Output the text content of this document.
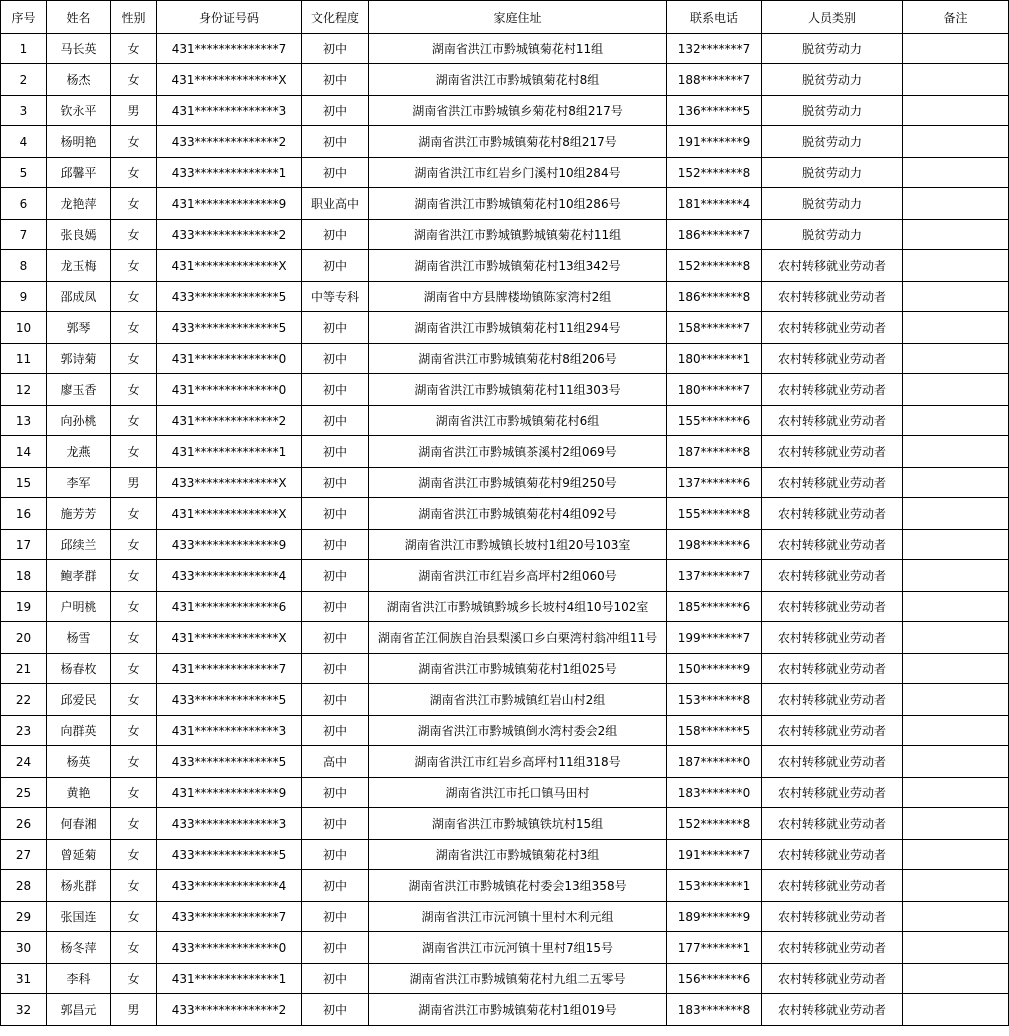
序号	姓名	性别	身份证号码	文化程度	家庭住址	联系电话	人员类别	备注
1	马长英	女	431**************7	初中	湖南省洪江市黔城镇菊花村11组	132*******7	脱贫劳动力	
2	杨杰	女	431**************X	初中	湖南省洪江市黔城镇菊花村8组	188*******7	脱贫劳动力	
3	钦永平	男	431**************3	初中	湖南省洪江市黔城镇乡菊花村8组217号	136*******5	脱贫劳动力	
4	杨明艳	女	433**************2	初中	湖南省洪江市黔城镇菊花村8组217号	191*******9	脱贫劳动力	
5	邱馨平	女	433**************1	初中	湖南省洪江市红岩乡门溪村10组284号	152*******8	脱贫劳动力	
6	龙艳萍	女	431**************9	职业高中	湖南省洪江市黔城镇菊花村10组286号	181*******4	脱贫劳动力	
7	张良嫣	女	433**************2	初中	湖南省洪江市黔城镇黔城镇菊花村11组	186*******7	脱贫劳动力	
8	龙玉梅	女	431**************X	初中	湖南省洪江市黔城镇菊花村13组342号	152*******8	农村转移就业劳动者	
9	邵成凤	女	433**************5	中等专科	湖南省中方县牌楼坳镇陈家湾村2组	186*******8	农村转移就业劳动者	
10	郭琴	女	433**************5	初中	湖南省洪江市黔城镇菊花村11组294号	158*******7	农村转移就业劳动者	
11	郭诗菊	女	431**************0	初中	湖南省洪江市黔城镇菊花村8组206号	180*******1	农村转移就业劳动者	
12	廖玉香	女	431**************0	初中	湖南省洪江市黔城镇菊花村11组303号	180*******7	农村转移就业劳动者	
13	向孙桃	女	431**************2	初中	湖南省洪江市黔城镇菊花村6组	155*******6	农村转移就业劳动者	
14	龙燕	女	431**************1	初中	湖南省洪江市黔城镇茶溪村2组069号	187*******8	农村转移就业劳动者	
15	李军	男	433**************X	初中	湖南省洪江市黔城镇菊花村9组250号	137*******6	农村转移就业劳动者	
16	施芳芳	女	431**************X	初中	湖南省洪江市黔城镇菊花村4组092号	155*******8	农村转移就业劳动者	
17	邱续兰	女	433**************9	初中	湖南省洪江市黔城镇长坡村1组20号103室	198*******6	农村转移就业劳动者	
18	鲍孝群	女	433**************4	初中	湖南省洪江市红岩乡高坪村2组060号	137*******7	农村转移就业劳动者	
19	户明桃	女	431**************6	初中	湖南省洪江市黔城镇黔城乡长坡村4组10号102室	185*******6	农村转移就业劳动者	
20	杨雪	女	431**************X	初中	湖南省芷江侗族自治县梨溪口乡白栗湾村翁冲组11号	199*******7	农村转移就业劳动者	
21	杨春枚	女	431**************7	初中	湖南省洪江市黔城镇菊花村1组025号	150*******9	农村转移就业劳动者	
22	邱爱民	女	433**************5	初中	湖南省洪江市黔城镇红岩山村2组	153*******8	农村转移就业劳动者	
23	向群英	女	431**************3	初中	湖南省洪江市黔城镇倒水湾村委会2组	158*******5	农村转移就业劳动者	
24	杨英	女	433**************5	高中	湖南省洪江市红岩乡高坪村11组318号	187*******0	农村转移就业劳动者	
25	黄艳	女	431**************9	初中	湖南省洪江市托口镇马田村	183*******0	农村转移就业劳动者	
26	何春湘	女	433**************3	初中	湖南省洪江市黔城镇铁坑村15组	152*******8	农村转移就业劳动者	
27	曾延菊	女	433**************5	初中	湖南省洪江市黔城镇菊花村3组	191*******7	农村转移就业劳动者	
28	杨兆群	女	433**************4	初中	湖南省洪江市黔城镇花村委会13组358号	153*******1	农村转移就业劳动者	
29	张国连	女	433**************7	初中	湖南省洪江市沅河镇十里村木利元组	189*******9	农村转移就业劳动者	
30	杨冬萍	女	433**************0	初中	湖南省洪江市沅河镇十里村7组15号	177*******1	农村转移就业劳动者	
31	李科	女	431**************1	初中	湖南省洪江市黔城镇菊花村九组二五零号	156*******6	农村转移就业劳动者	
32	郭昌元	男	433**************2	初中	湖南省洪江市黔城镇菊花村1组019号	183*******8	农村转移就业劳动者	
